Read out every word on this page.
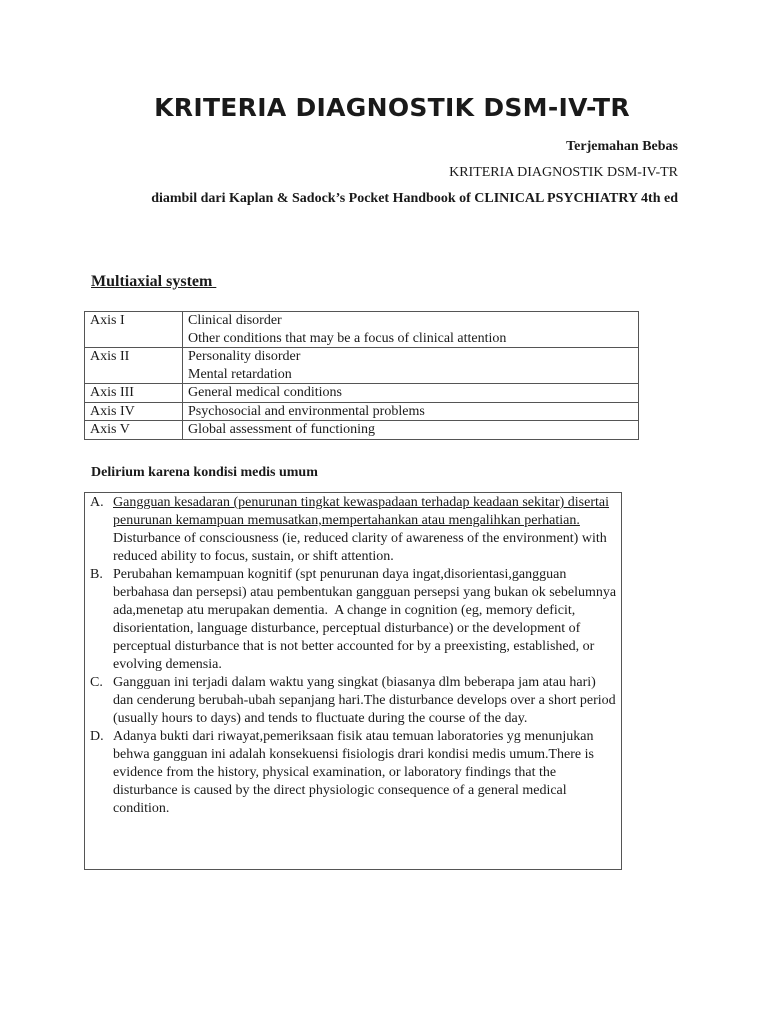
KRITERIA DIAGNOSTIK DSM-IV-TR
Terjemahan Bebas
KRITERIA DIAGNOSTIK DSM-IV-TR
diambil dari Kaplan & Sadock’s Pocket Handbook of CLINICAL PSYCHIATRY 4th ed
Multiaxial system
Axis I	Clinical disorder
Other conditions that may be a focus of clinical attention

Axis II	Personality disorder
Mental retardation

Axis III	General medical conditions

Axis IV	Psychosocial and environmental problems

Axis V	Global assessment of functioning
Delirium karena kondisi medis umum
A. Gangguan kesadaran (penurunan tingkat kewaspadaan terhadap keadaan sekitar) disertai penurunan kemampuan memusatkan,mempertahankan atau mengalihkan perhatian.

Disturbance of consciousness (ie, reduced clarity of awareness of the environment) with reduced ability to focus, sustain, or shift attention.

B. Perubahan kemampuan kognitif (spt penurunan daya ingat,disorientasi,gangguan berbahasa dan persepsi) atau pembentukan gangguan persepsi yang bukan ok sebelumnya ada,menetap atu merupakan dementia. A change in cognition (eg, memory deficit, disorientation, language disturbance, perceptual disturbance) or the development of perceptual disturbance that is not better accounted for by a preexisting, established, or evolving demensia.

C. Gangguan ini terjadi dalam waktu yang singkat (biasanya dlm beberapa jam atau hari)

dan cenderung berubah-ubah sepanjang hari.The disturbance develops over a short period (usually hours to days) and tends to fluctuate during the course of the day.

D. Adanya bukti dari riwayat,pemeriksaan fisik atau temuan laboratories yg menunjukan behwa gangguan ini adalah konsekuensi fisiologis drari kondisi medis umum.There is evidence from the history, physical examination, or laboratory findings that the disturbance is caused by the direct physiologic consequence of a general medical condition.
